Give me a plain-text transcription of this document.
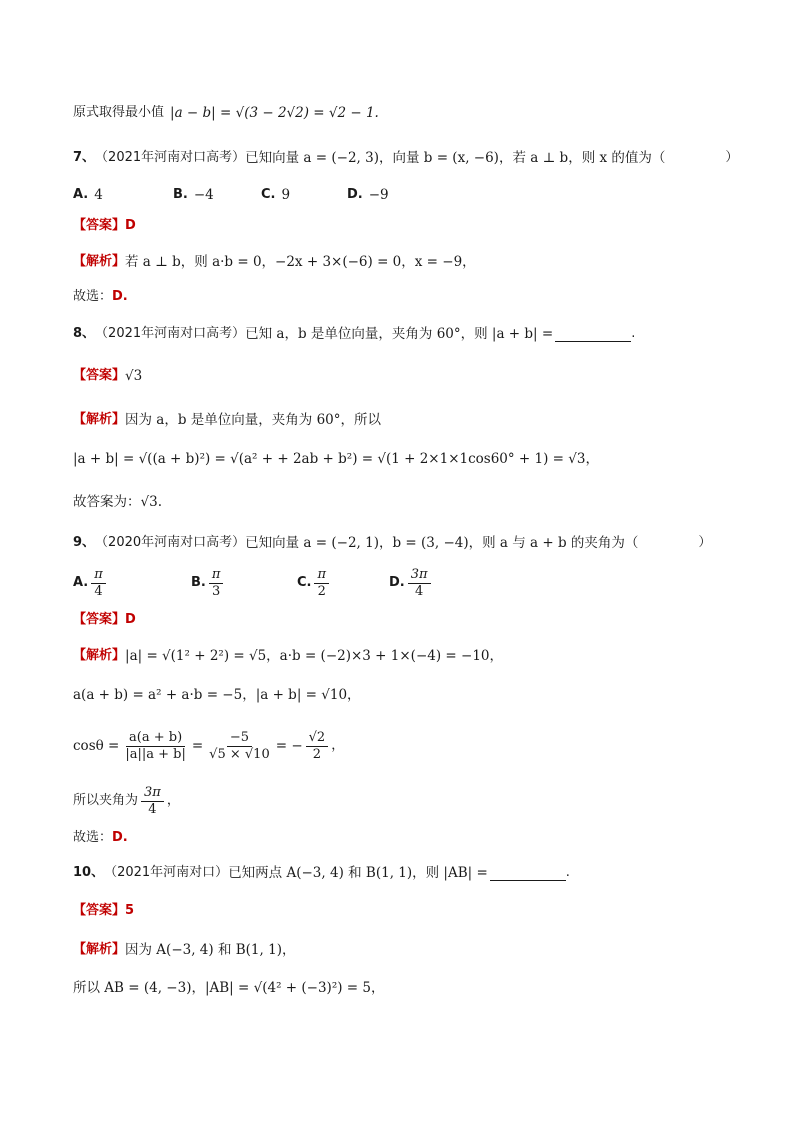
原式取得最小值 |a − b| = √(3 − 2√2) = √2 − 1.
7、 （2021年河南对口高考） 已知向量 a = (−2, 3)，向量 b = (x, −6)，若 a ⊥ b，则 x 的值为（	）
A. 4	B. −4	C. 9	D. −9
【答案】 D
【解析】 若 a ⊥ b，则 a·b = 0，−2x + 3×(−6) = 0，x = −9，
故选： D.
8、 （2021年河南对口高考） 已知 a，b 是单位向量，夹角为 60°，则 |a + b| =	.
【答案】 √3
【解析】 因为 a，b 是单位向量，夹角为 60°，所以
|a + b| = √((a + b)²) = √(a² + + 2ab + b²) = √(1 + 2×1×1cos60° + 1) = √3，
故答案为：√3.
9、 （2020年河南对口高考） 已知向量 a = (−2, 1)，b = (3, −4)，则 a 与 a + b 的夹角为（	）
A. $\frac{\pi}{4}$	B. $\frac{\pi}{3}$	C. $\frac{\pi}{2}$	D. $\frac{3\pi}{4}$
【答案】 D
【解析】 |a| = √(1² + 2²) = √5，a·b = (−2)×3 + 1×(−4) = −10，
a(a + b) = a² + a·b = −5，|a + b| = √10，
$\cos\theta = \frac{a(a + b)}{|a||a + b|} = \frac{-5}{√5 \times √10}$ = − $\frac{√2}{2}$ ，
所以夹角为 $\frac{3\pi}{4}$ ，
故选： D.
10、 （2021年河南对口） 已知两点 A(−3, 4) 和 B(1, 1)，则 |AB| =	.
【答案】 5
【解析】 因为 A(−3, 4) 和 B(1, 1)，
所以 AB = (4, −3)，|AB| = √(4² + (−3)²) = 5，
